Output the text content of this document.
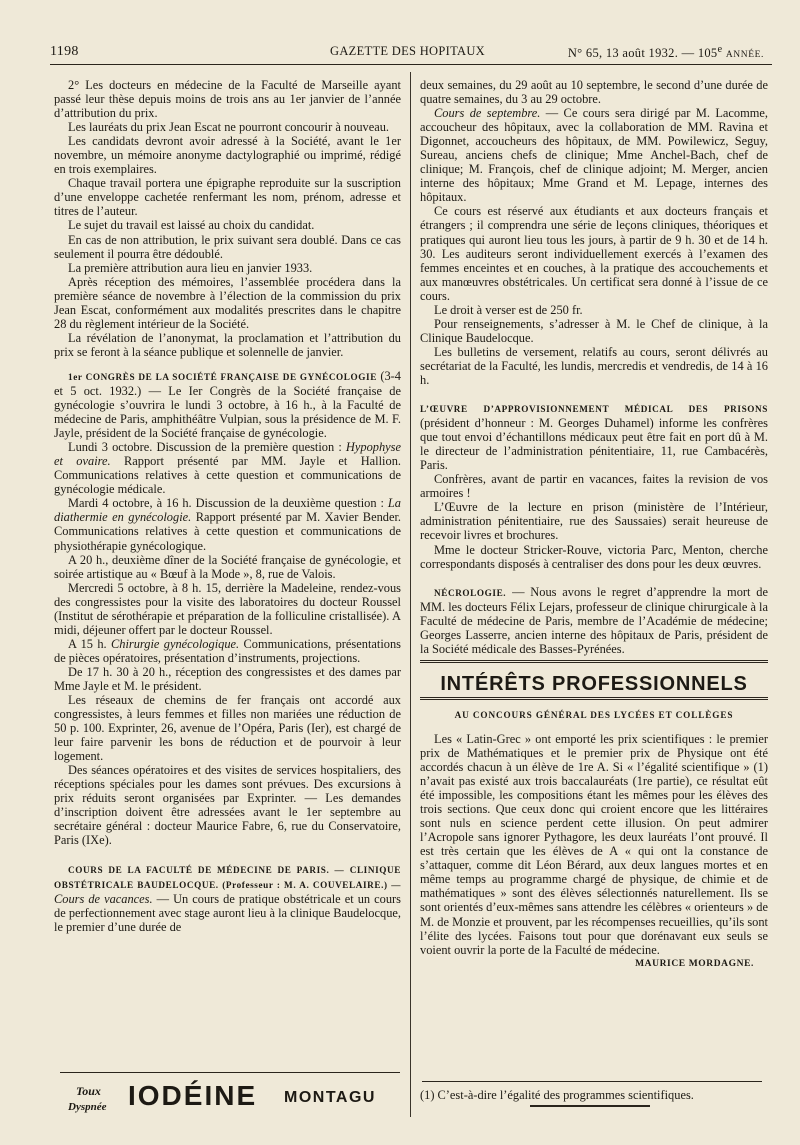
1198	GAZETTE DES HOPITAUX	N° 65, 13 août 1932. — 105e ANNÉE.

2° Les docteurs en médecine de la Faculté de Marseille ayant passé leur thèse depuis moins de trois ans au 1er janvier de l’année d’attribution du prix.

Les lauréats du prix Jean Escat ne pourront concourir à nouveau.

Les candidats devront avoir adressé à la Société, avant le 1er novembre, un mémoire anonyme dactylographié ou imprimé, rédigé en trois exemplaires.

Chaque travail portera une épigraphe reproduite sur la suscription d’une enveloppe cachetée renfermant les nom, prénom, adresse et titres de l’auteur.

Le sujet du travail est laissé au choix du candidat.

En cas de non attribution, le prix suivant sera doublé. Dans ce cas seulement il pourra être dédoublé.

La première attribution aura lieu en janvier 1933.

Après réception des mémoires, l’assemblée procédera dans la première séance de novembre à l’élection de la commission du prix Jean Escat, conformément aux modalités prescrites dans le chapitre 28 du règlement intérieur de la Société.

La révélation de l’anonymat, la proclamation et l’attribution du prix se feront à la séance publique et solennelle de janvier.

1er CONGRÈS DE LA SOCIÉTÉ FRANÇAISE DE GYNÉCOLOGIE (3-4 et 5 oct. 1932.) — Le Ier Congrès de la Société française de gynécologie s’ouvrira le lundi 3 octobre, à 16 h., à la Faculté de médecine de Paris, amphithéâtre Vulpian, sous la présidence de M. F. Jayle, président de la Société française de gynécologie.

Lundi 3 octobre. Discussion de la première question : Hypophyse et ovaire. Rapport présenté par MM. Jayle et Hallion. Communications relatives à cette question et communications de gynécologie médicale.

Mardi 4 octobre, à 16 h. Discussion de la deuxième question : La diathermie en gynécologie. Rapport présenté par M. Xavier Bender. Communications relatives à cette question et communications de physiothérapie gynécologique.

A 20 h., deuxième dîner de la Société française de gynécologie, et soirée artistique au « Bœuf à la Mode », 8, rue de Valois.

Mercredi 5 octobre, à 8 h. 15, derrière la Madeleine, rendez-vous des congressistes pour la visite des laboratoires du docteur Roussel (Institut de sérothérapie et préparation de la folliculine cristallisée). A midi, déjeuner offert par le docteur Roussel.

A 15 h. Chirurgie gynécologique. Communications, présentations de pièces opératoires, présentation d’instruments, projections.

De 17 h. 30 à 20 h., réception des congressistes et des dames par Mme Jayle et M. le président.

Les réseaux de chemins de fer français ont accordé aux congressistes, à leurs femmes et filles non mariées une réduction de 50 p. 100. Exprinter, 26, avenue de l’Opéra, Paris (Ier), est chargé de leur faire parvenir les bons de réduction et de pourvoir à leur logement.

Des séances opératoires et des visites de services hospitaliers, des réceptions spéciales pour les dames sont prévues. Des excursions à prix réduits seront organisées par Exprinter. — Les demandes d’inscription doivent être adressées avant le 1er septembre au secrétaire général : docteur Maurice Fabre, 6, rue du Conservatoire, Paris (IXe).

COURS DE LA FACULTÉ DE MÉDECINE DE PARIS. — CLINIQUE OBSTÉTRICALE BAUDELOCQUE. (Professeur : M. A. COUVELAIRE.) — Cours de vacances. — Un cours de pratique obstétricale et un cours de perfectionnement avec stage auront lieu à la clinique Baudelocque, le premier d’une durée de

Toux
Dyspnée IODÉINE MONTAGU

deux semaines, du 29 août au 10 septembre, le second d’une durée de quatre semaines, du 3 au 29 octobre.

Cours de septembre. — Ce cours sera dirigé par M. Lacomme, accoucheur des hôpitaux, avec la collaboration de MM. Ravina et Digonnet, accoucheurs des hôpitaux, de MM. Powilewicz, Seguy, Sureau, anciens chefs de clinique; Mme Anchel-Bach, chef de clinique; M. François, chef de clinique adjoint; M. Merger, ancien interne des hôpitaux; Mme Grand et M. Lepage, internes des hôpitaux.

Ce cours est réservé aux étudiants et aux docteurs français et étrangers ; il comprendra une série de leçons cliniques, théoriques et pratiques qui auront lieu tous les jours, à partir de 9 h. 30 et de 14 h. 30. Les auditeurs seront individuellement exercés à l’examen des femmes enceintes et en couches, à la pratique des accouchements et aux manœuvres obstétricales. Un certificat sera donné à l’issue de ce cours.

Le droit à verser est de 250 fr.

Pour renseignements, s’adresser à M. le Chef de clinique, à la Clinique Baudelocque.

Les bulletins de versement, relatifs au cours, seront délivrés au secrétariat de la Faculté, les lundis, mercredis et vendredis, de 14 à 16 h.

L’ŒUVRE D’APPROVISIONNEMENT MÉDICAL DES PRISONS (président d’honneur : M. Georges Duhamel) informe les confrères que tout envoi d’échantillons médicaux peut être fait en port dû à M. le directeur de l’administration pénitentiaire, 11, rue Cambacérès, Paris.

Confrères, avant de partir en vacances, faites la revision de vos armoires !

L’Œuvre de la lecture en prison (ministère de l’Intérieur, administration pénitentiaire, rue des Saussaies) serait heureuse de recevoir livres et brochures.

Mme le docteur Stricker-Rouve, victoria Parc, Menton, cherche correspondants disposés à centraliser des dons pour les deux œuvres.

NÉCROLOGIE. — Nous avons le regret d’apprendre la mort de MM. les docteurs Félix Lejars, professeur de clinique chirurgicale à la Faculté de médecine de Paris, membre de l’Académie de médecine; Georges Lasserre, ancien interne des hôpitaux de Paris, président de la Société médicale des Basses-Pyrénées.

INTÉRÊTS PROFESSIONNELS
AU CONCOURS GÉNÉRAL DES LYCÉES ET COLLÈGES

Les « Latin-Grec » ont emporté les prix scientifiques : le premier prix de Mathématiques et le premier prix de Physique ont été accordés chacun à un élève de 1re A. Si « l’égalité scientifique » (1) n’avait pas existé aux trois baccalauréats (1re partie), ce résultat eût été impossible, les compositions étant les mêmes pour les élèves des trois sections. Que ceux donc qui croient encore que les littéraires sont nuls en science perdent cette illusion. On peut admirer l’Acropole sans ignorer Pythagore, les deux lauréats l’ont prouvé. Il est très certain que les élèves de A « qui ont la constance de s’attaquer, comme dit Léon Bérard, aux deux langues mortes et en même temps au programme chargé de physique, de chimie et de mathématiques » sont des élèves sélectionnés naturellement. Ils se sont orientés d’eux-mêmes sans attendre les célèbres « orienteurs » de M. de Monzie et prouvent, par les récompenses recueillies, qu’ils sont l’élite des lycées. Faisons tout pour que dorénavant eux seuls se voient ouvrir la porte de la Faculté de médecine.

MAURICE MORDAGNE.
(1) C’est-à-dire l’égalité des programmes scientifiques.
